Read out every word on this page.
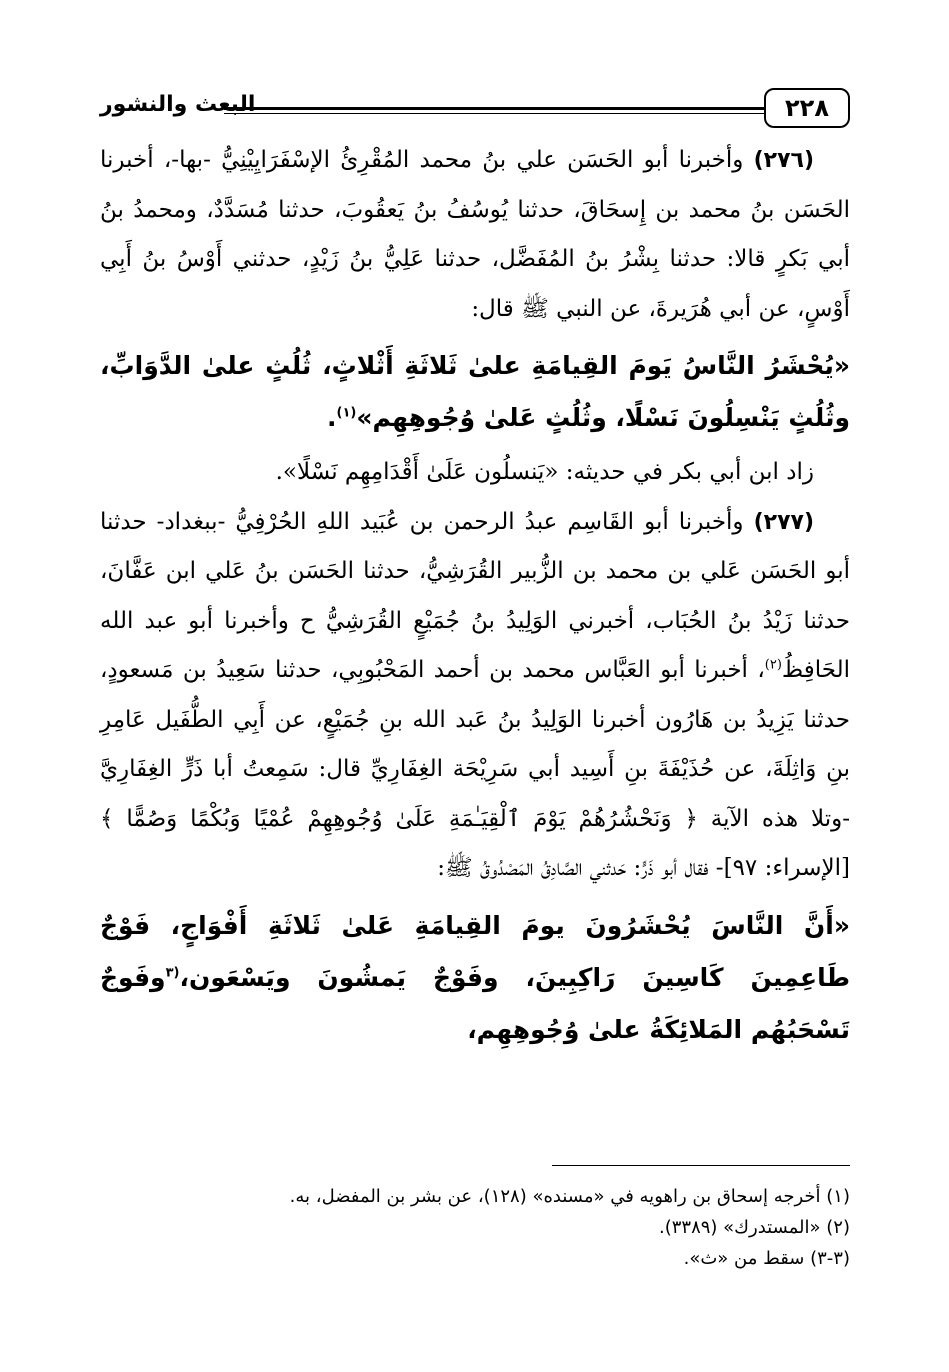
٢٢٨
البعث والنشور

(٢٧٦) وأخبرنا أبو الحَسَن علي بنُ محمد المُقْرِئُ الإسْفَرَايِيْنِيُّ -بها-، أخبرنا الحَسَن بنُ محمد بن إِسحَاقَ، حدثنا يُوسُفُ بنُ يَعقُوبَ، حدثنا مُسَدَّدٌ، ومحمدُ بنُ أبي بَكرٍ قالا: حدثنا بِشْرُ بنُ المُفَضَّل، حدثنا عَلِيُّ بنُ زَيْدٍ، حدثني أَوْسُ بنُ أَبِي أَوْسٍ، عن أبي هُرَيرةَ، عن النبي ﷺ قال:

«يُحْشَرُ النَّاسُ يَومَ القِيامَةِ علىٰ ثَلاثَةِ أَثْلاثٍ، ثُلُثٍ علىٰ الدَّوَابِّ، وثُلُثٍ يَنْسِلُونَ نَسْلًا، وثُلُثٍ عَلىٰ وُجُوهِهِم»$^{(١)}$.

زاد ابن أبي بكر في حديثه: «يَنسلُون عَلَىٰ أَقْدَامِهِم نَسْلًا».

(٢٧٧) وأخبرنا أبو القَاسِم عبدُ الرحمن بن عُبَيد اللهِ الحُرْفِيُّ -ببغداد- حدثنا أبو الحَسَن عَلي بن محمد بن الزُّبير القُرَشِيُّ، حدثنا الحَسَن بنُ عَلي ابن عَفَّانَ، حدثنا زَيْدُ بنُ الحُبَاب، أخبرني الوَلِيدُ بنُ جُمَيْعٍ القُرَشِيُّ ح وأخبرنا أبو عبد الله الحَافِظُ$^{(٢)}$، أخبرنا أبو العَبَّاس محمد بن أحمد المَحْبُوبِي، حدثنا سَعِيدُ بن مَسعودٍ، حدثنا يَزِيدُ بن هَارُون أخبرنا الوَلِيدُ بنُ عَبد الله بنِ جُمَيْعٍ، عن أَبِي الطُّفَيل عَامِرِ بنِ وَاثِلَةَ، عن حُذَيْفَةَ بنِ أَسِيد أبي سَرِيْحَة الغِفَارِيِّ قال: سَمِعتُ أبا ذَرٍّ الغِفَارِيَّ -وتلا هذه الآية ﴿ وَنَحْشُرُهُمْ يَوْمَ ٱلْقِيَـٰمَةِ عَلَىٰ وُجُوهِهِمْ عُمْيًا وَبُكْمًا وَصُمًّا ﴾ [الإسراء: ٩٧]- فقال أبو ذَرٍّ: حَدثني الصَّادِقُ المَصْدُوقُ ﷺ:

«أَنَّ النَّاسَ يُحْشَرُونَ يومَ القِيامَةِ عَلىٰ ثَلاثَةِ أَفْوَاجٍ، فَوْجٌ طَاعِمِينَ كَاسِينَ رَاكِبِينَ، وفَوْجٌ يَمشُونَ ويَسْعَون،$^{(٣}$وفَوجٌ تَسْحَبُهُم المَلائِكَةُ علىٰ وُجُوهِهِم،

(١) أخرجه إسحاق بن راهويه في «مسنده» (١٢٨)، عن بشر بن المفضل، به.
(٢) «المستدرك» (٣٣٨٩).
(٣-٣) سقط من «ث».
